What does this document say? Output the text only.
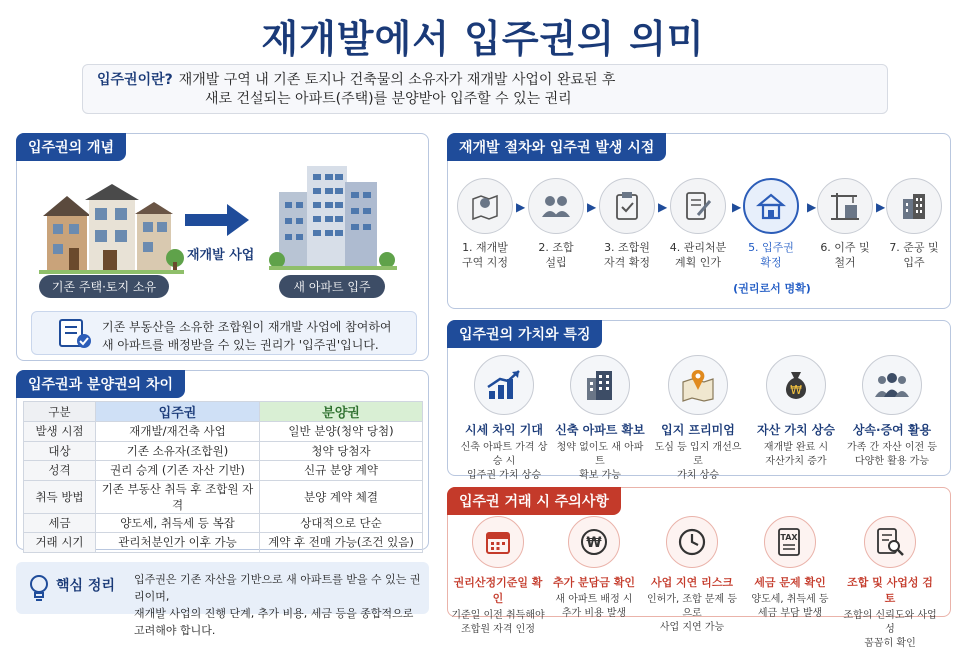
재개발에서 입주권의 의미
입주권이란? 재개발 구역 내 기존 토지나 건축물의 소유자가 재개발 사업이 완료된 후
새로 건설되는 아파트(주택)를 분양받아 입주할 수 있는 권리
입주권의 개념
기존 주택·토지 소유
재개발 사업
새 아파트 입주
기존 부동산을 소유한 조합원이 재개발 사업에 참여하여
새 아파트를 배정받을 수 있는 권리가 '입주권'입니다.
입주권과 분양권의 차이
구분	입주권	분양권
발생 시점	재개발/재건축 사업	일반 분양(청약 당첨)
대상	기존 소유자(조합원)	청약 당첨자
성격	권리 승계 (기존 자산 기반)	신규 분양 계약
취득 방법	기존 부동산 취득 후 조합원 자격	분양 계약 체결
세금	양도세, 취득세 등 복잡	상대적으로 단순
거래 시기	관리처분인가 이후 가능	계약 후 전매 가능(조건 있음)
핵심 정리 입주권은 기존 자산을 기반으로 새 아파트를 받을 수 있는 권리이며,
재개발 사업의 진행 단계, 추가 비용, 세금 등을 종합적으로 고려해야 합니다.
재개발 절차와 입주권 발생 시점
1. 재개발
구역 지정
▶
2. 조합
설립
▶
3. 조합원
자격 확정
▶
4. 관리처분
계획 인가
▶
5. 입주권
확정
▶
6. 이주 및
철거
▶
7. 준공 및
입주
(권리로서 명확)
입주권의 가치와 특징
시세 차익 기대
신축 아파트 가격 상승 시
입주권 가치 상승
신축 아파트 확보
청약 없이도 새 아파트
확보 가능
입지 프리미엄
도심 등 입지 개선으로
가치 상승
₩
자산 가치 상승
재개발 완료 시
자산가치 증가
상속·증여 활용
가족 간 자산 이전 등
다양한 활용 가능
입주권 거래 시 주의사항
권리산정기준일 확인
기준일 이전 취득해야
조합원 자격 인정
₩
추가 분담금 확인
새 아파트 배정 시
추가 비용 발생
사업 지연 리스크
인허가, 조합 문제 등으로
사업 지연 가능
TAX
세금 문제 확인
양도세, 취득세 등
세금 부담 발생
조합 및 사업성 검토
조합의 신뢰도와 사업성
꼼꼼히 확인
